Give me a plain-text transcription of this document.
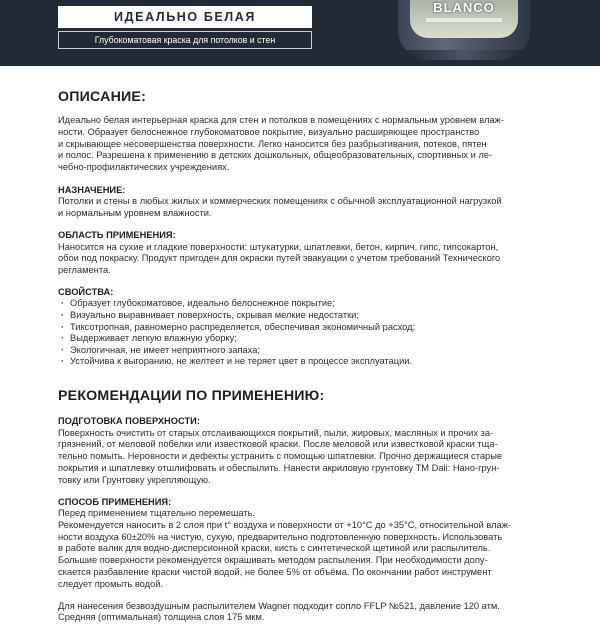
ИДЕАЛЬНО БЕЛАЯ
Глубокоматовая краска для потолков и стен
BLANCO
ОПИСАНИЕ:

Идеально белая интерьерная краска для стен и потолков в помещениях с нормальным уровнем влаж-

ности. Образует белоснежное глубокоматовое покрытие, визуально расширяющее пространство

и скрывающее несовершенства поверхности. Легко наносится без разбрызгивания, потеков, пятен

и полос. Разрешена к применению в детских дошкольных, общеобразовательных, спортивных и ле-

чебно-профилактических учреждениях.

НАЗНАЧЕНИЕ:

Потолки и стены в любых жилых и коммерческих помещениях с обычной эксплуатационной нагрузкой

и нормальным уровнем влажности.

ОБЛАСТЬ ПРИМЕНЕНИЯ:

Наносится на сухие и гладкие поверхности: штукатурки, шпатлевки, бетон, кирпич, гипс, гипсокартон,

обои под покраску. Продукт пригоден для окраски путей эвакуации с учетом требований Технического

регламента.

СВОЙСТВА:
· Образует глубокоматовое, идеально белоснежное покрытие;
· Визуально выравнивает поверхность, скрывая мелкие недостатки;
· Тиксотропная, равномерно распределяется, обеспечивая экономичный расход;
· Выдерживает легкую влажную уборку;
· Экологичная, не имеет неприятного запаха;
· Устойчива к выгоранию, не желтеет и не теряет цвет в процессе эксплуатации.
РЕКОМЕНДАЦИИ ПО ПРИМЕНЕНИЮ:
ПОДГОТОВКА ПОВЕРХНОСТИ:

Поверхность очистить от старых отслаивающихся покрытий, пыли, жировых, масляных и прочих за-

грязнений, от меловой побелки или известковой краски. После меловой или известковой краски тща-

тельно помыть. Неровности и дефекты устранить с помощью шпатлевки. Прочно держащиеся старые

покрытия и шпатлевку отшлифовать и обеспылить. Нанести акриловую грунтовку ТМ Dali: Нано-грун-

товку или Грунтовку укрепляющую.

СПОСОБ ПРИМЕНЕНИЯ:

Перед применением тщательно перемешать.

Рекомендуется наносить в 2 слоя при t° воздуха и поверхности от +10°С до +35°С, относительной влаж-

ности воздуха 60±20% на чистую, сухую, предварительно подготовленную поверхность. Использовать

в работе валик для водно-дисперсионной краски, кисть с синтетической щетиной или распылитель.

Большие поверхности рекомендуется окрашивать методом распыления. При необходимости допу-

скается разбавление краски чистой водой, не более 5% от объёма. По окончании работ инструмент

следует промыть водой.

Для нанесения безвоздушным распылителем Wagner подходит сопло FFLP №521, давление 120 атм.

Средняя (оптимальная) толщина слоя 175 мкм.
